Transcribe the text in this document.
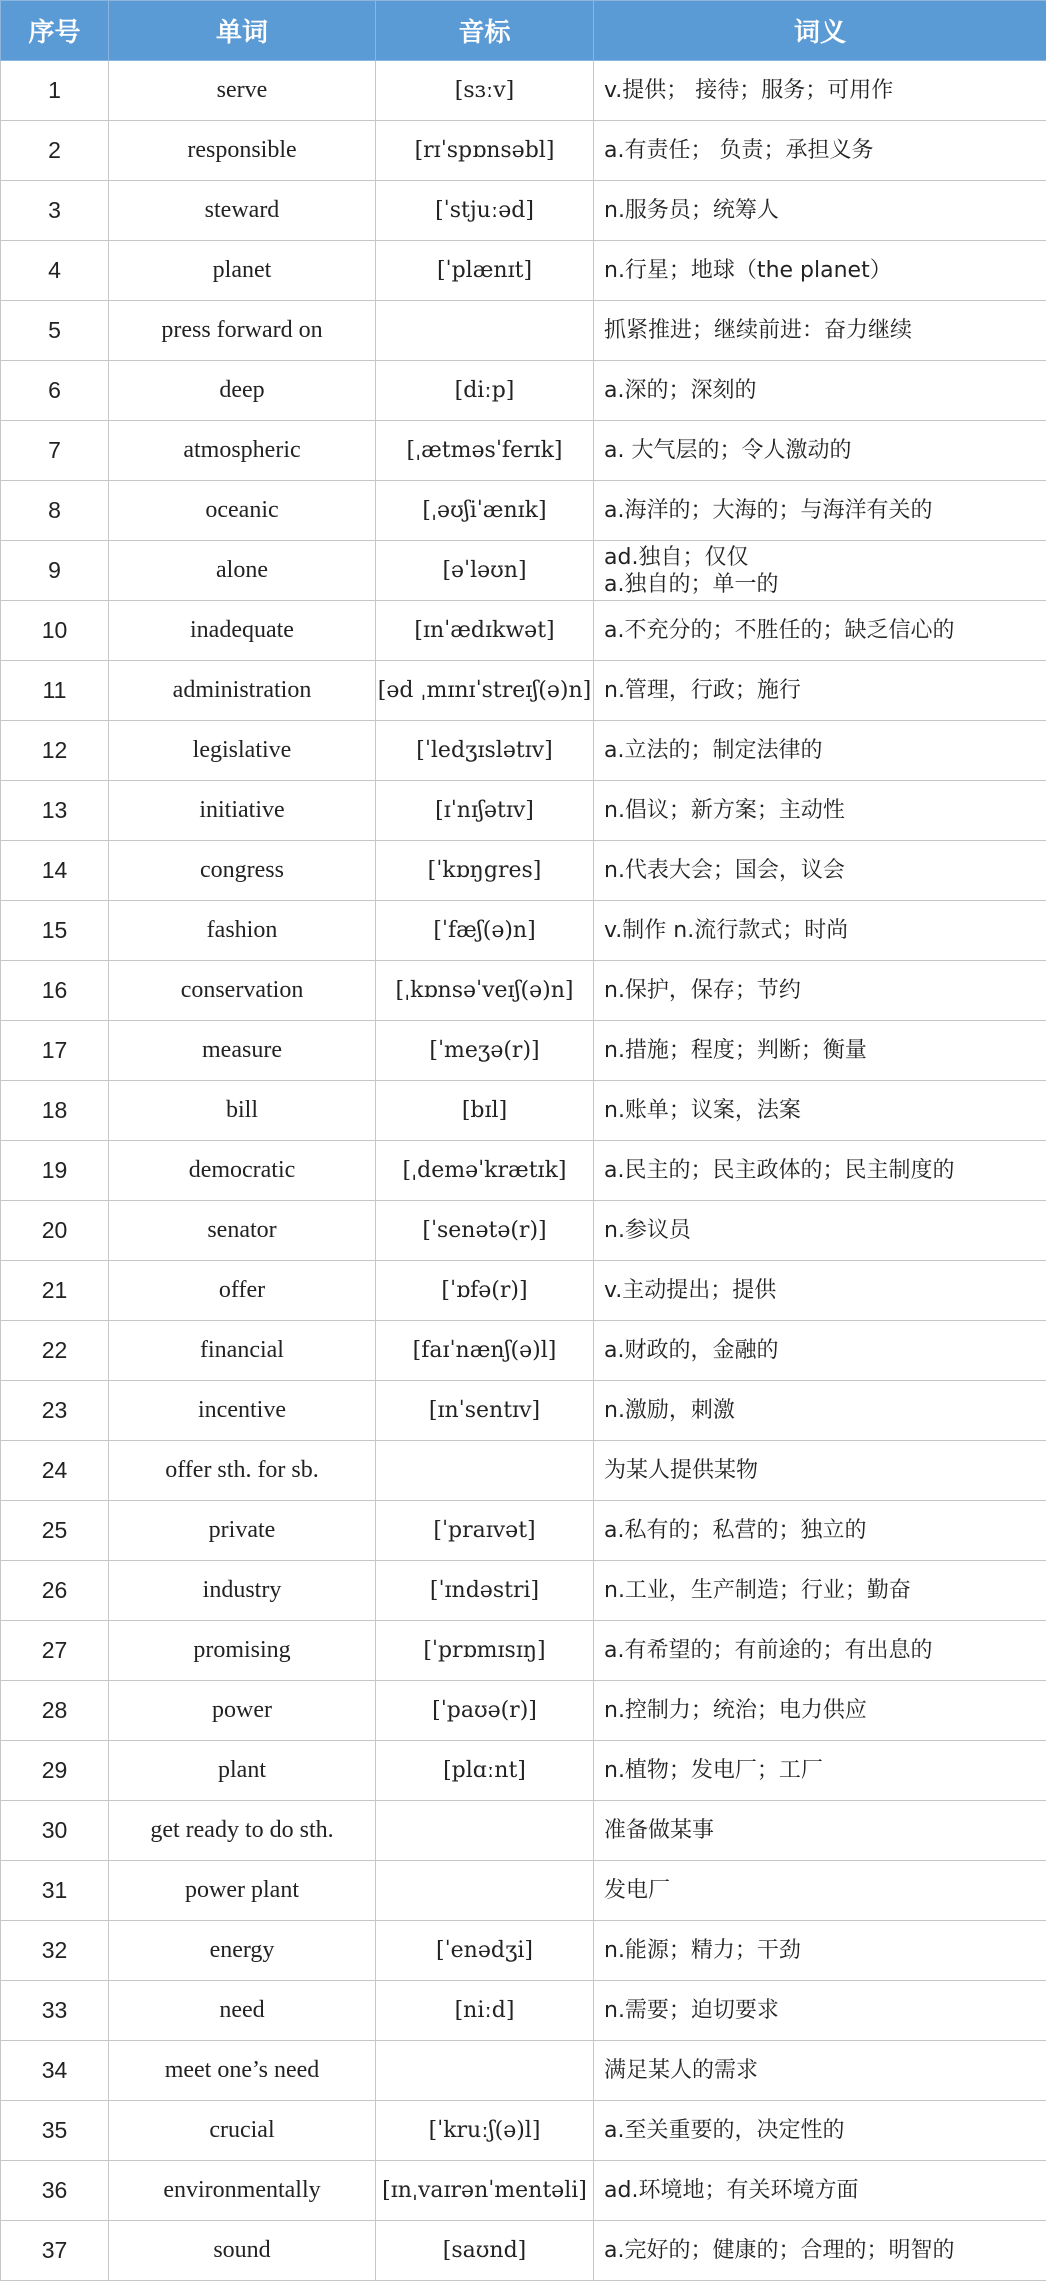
序号	单词	音标	词义
1	serve	[sɜːv]	v.提供； 接待；服务；可用作
2	responsible	[rɪˈspɒnsəbl]	a.有责任； 负责；承担义务
3	steward	[ˈstjuːəd]	n.服务员；统筹人
4	planet	[ˈplænɪt]	n.行星；地球（the planet）
5	press forward on		抓紧推进；继续前进：奋力继续
6	deep	[diːp]	a.深的；深刻的
7	atmospheric	[ˌætməsˈferɪk]	a. 大气层的；令人激动的
8	oceanic	[ˌəʊʃiˈænɪk]	a.海洋的；大海的；与海洋有关的
9	alone	[əˈləʊn]	ad.独自；仅仅
a.独自的；单一的
10	inadequate	[ɪnˈædɪkwət]	a.不充分的；不胜任的；缺乏信心的
11	administration	[əd ˌmɪnɪˈstreɪʃ(ə)n]	n.管理，行政；施行
12	legislative	[ˈledʒɪslətɪv]	a.立法的；制定法律的
13	initiative	[ɪˈnɪʃətɪv]	n.倡议；新方案；主动性
14	congress	[ˈkɒŋgres]	n.代表大会；国会，议会
15	fashion	[ˈfæʃ(ə)n]	v.制作 n.流行款式；时尚
16	conservation	[ˌkɒnsəˈveɪʃ(ə)n]	n.保护，保存；节约
17	measure	[ˈmeʒə(r)]	n.措施；程度；判断；衡量
18	bill	[bɪl]	n.账单；议案，法案
19	democratic	[ˌdeməˈkrætɪk]	a.民主的；民主政体的；民主制度的
20	senator	[ˈsenətə(r)]	n.参议员
21	offer	[ˈɒfə(r)]	v.主动提出；提供
22	financial	[faɪˈnænʃ(ə)l]	a.财政的，金融的
23	incentive	[ɪnˈsentɪv]	n.激励，刺激
24	offer sth. for sb.		为某人提供某物
25	private	[ˈpraɪvət]	a.私有的；私营的；独立的
26	industry	[ˈɪndəstri]	n.工业，生产制造；行业；勤奋
27	promising	[ˈprɒmɪsɪŋ]	a.有希望的；有前途的；有出息的
28	power	[ˈpaʊə(r)]	n.控制力；统治；电力供应
29	plant	[plɑːnt]	n.植物；发电厂；工厂
30	get ready to do sth.		准备做某事
31	power plant		发电厂
32	energy	[ˈenədʒi]	n.能源；精力；干劲
33	need	[niːd]	n.需要；迫切要求
34	meet one’s need		满足某人的需求
35	crucial	[ˈkruːʃ(ə)l]	a.至关重要的，决定性的
36	environmentally	[ɪnˌvaɪrənˈmentəli]	ad.环境地；有关环境方面
37	sound	[saʊnd]	a.完好的；健康的；合理的；明智的
